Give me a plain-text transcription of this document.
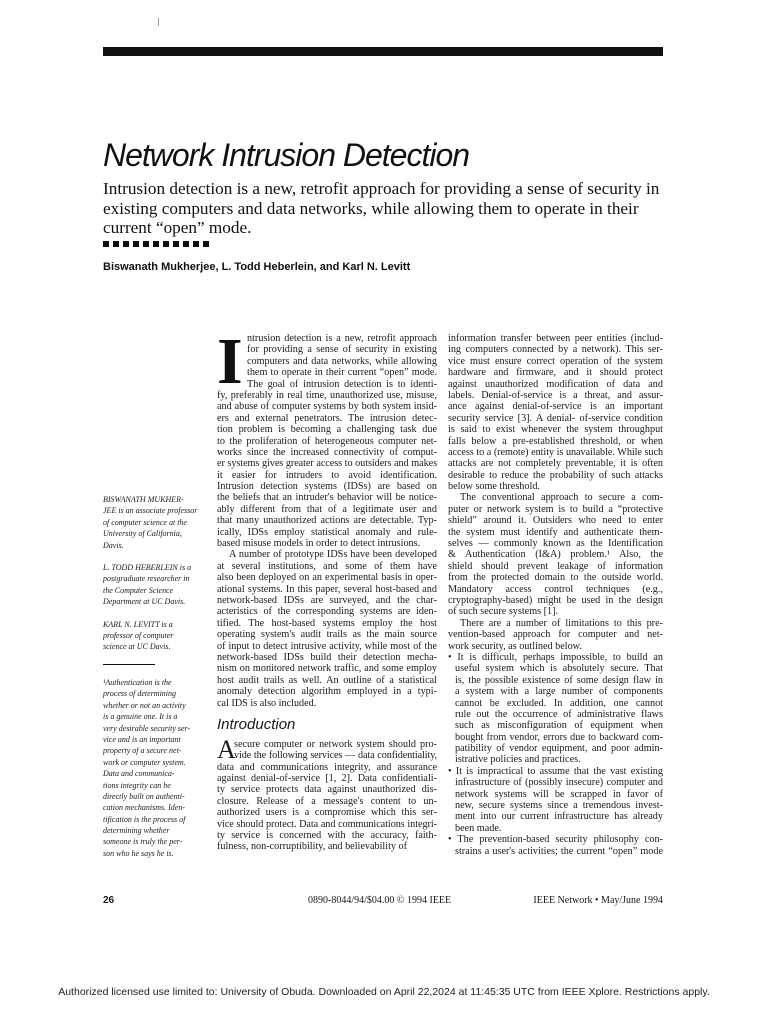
Network Intrusion Detection
Intrusion detection is a new, retrofit approach for providing a sense of security in existing computers and data networks, while allowing them to operate in their current “open” mode.
Biswanath Mukherjee, L. Todd Heberlein, and Karl N. Levitt
BISWANATH MUKHER-
JEE is an associate professor
of computer science at the
University of California,
Davis.
L. TODD HEBERLEIN is a
postgraduate researcher in
the Computer Science
Department at UC Davis.
KARL N. LEVITT is a
professor of computer
science at UC Davis.
¹Authentication is the
process of determining
whether or not an activity
is a genuine one. It is a
very desirable security ser-
vice and is an important
property of a secure net-
work or computer system.
Data and communica-
tions integrity can be
directly built on authenti-
cation mechanisms. Iden-
tification is the process of
determining whether
someone is truly the per-
son who he says he is.
I ntrusion detection is a new, retrofit approach
for providing a sense of security in existing
computers and data networks, while allowing
them to operate in their current “open” mode.
The goal of intrusion detection is to identi-
fy, preferably in real time, unauthorized use, misuse,
and abuse of computer systems by both system insid-
ers and external penetrators. The intrusion detec-
tion problem is becoming a challenging task due
to the proliferation of heterogeneous computer net-
works since the increased connectivity of comput-
er systems gives greater access to outsiders and makes
it easier for intruders to avoid identification.
Intrusion detection systems (IDSs) are based on
the beliefs that an intruder's behavior will be notice-
ably different from that of a legitimate user and
that many unauthorized actions are detectable. Typ-
ically, IDSs employ statistical anomaly and rule-
based misuse models in order to detect intrusions.
A number of prototype IDSs have been developed
at several institutions, and some of them have
also been deployed on an experimental basis in oper-
ational systems. In this paper, several host-based and
network-based IDSs are surveyed, and the char-
acteristics of the corresponding systems are iden-
tified. The host-based systems employ the host
operating system's audit trails as the main source
of input to detect intrusive activity, while most of the
network-based IDSs build their detection mecha-
nism on monitored network traffic, and some employ
host audit trails as well. An outline of a statistical
anomaly detection algorithm employed in a typi-
cal IDS is also included.
Introduction
A
secure computer or network system should pro-
vide the following services — data confidentiality,
data and communications integrity, and assurance
against denial-of-service [1, 2]. Data confidentiali-
ty service protects data against unauthorized dis-
closure. Release of a message's content to un-
authorized users is a compromise which this ser-
vice should protect. Data and communications integri-
ty service is concerned with the accuracy, faith-
fulness, non-corruptibility, and believability of
information transfer between peer entities (includ-
ing computers connected by a network). This ser-
vice must ensure correct operation of the system
hardware and firmware, and it should protect
against unauthorized modification of data and
labels. Denial-of-service is a threat, and assur-
ance against denial-of-service is an important
security service [3]. A denial- of-service condition
is said to exist whenever the system throughput
falls below a pre-established threshold, or when
access to a (remote) entity is unavailable. While such
attacks are not completely preventable, it is often
desirable to reduce the probability of such attacks
below some threshold.
The conventional approach to secure a com-
puter or network system is to build a “protective
shield” around it. Outsiders who need to enter
the system must identify and authenticate them-
selves — commonly known as the Identification
& Authentication (I&A) problem.¹ Also, the
shield should prevent leakage of information
from the protected domain to the outside world.
Mandatory access control techniques (e.g.,
cryptography-based) might be used in the design
of such secure systems [1].
There are a number of limitations to this pre-
vention-based approach for computer and net-
work security, as outlined below.
• It is difficult, perhaps impossible, to build an
useful system which is absolutely secure. That
is, the possible existence of some design flaw in
a system with a large number of components
cannot be excluded. In addition, one cannot
rule out the occurrence of administrative flaws
such as misconfiguration of equipment when
bought from vendor, errors due to backward com-
patibility of vendor equipment, and poor admin-
istrative policies and practices.
• It is impractical to assume that the vast existing
infrastructure of (possibly insecure) computer and
network systems will be scrapped in favor of
new, secure systems since a tremendous invest-
ment into our current infrastructure has already
been made.
• The prevention-based security philosophy con-
strains a user's activities; the current “open” mode
26	0890-8044/94/$04.00 © 1994 IEEE	IEEE Network • May/June 1994
Authorized licensed use limited to: University of Obuda. Downloaded on April 22,2024 at 11:45:35 UTC from IEEE Xplore. Restrictions apply.
